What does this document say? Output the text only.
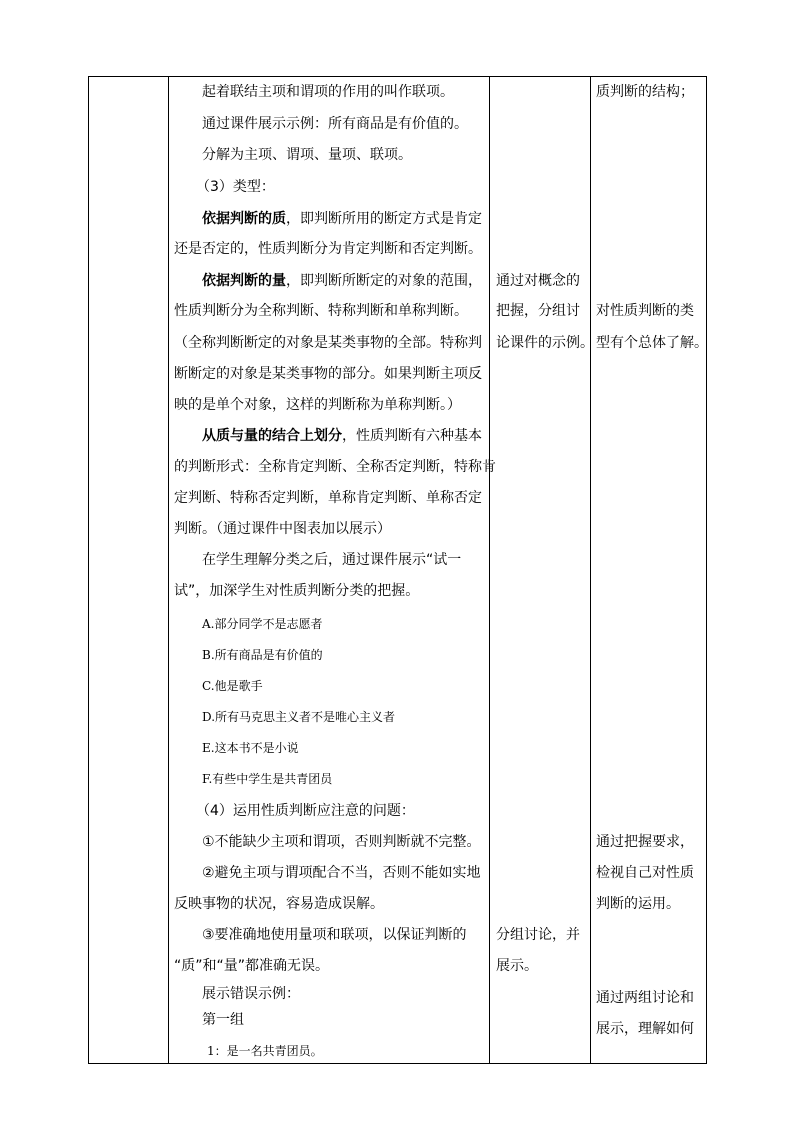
起着联结主项和谓项的作用的叫作联项。
通过课件展示示例：所有商品是有价值的。
分解为主项、谓项、量项、联项。
（3）类型：
依据判断的质，即判断所用的断定方式是肯定
还是否定的，性质判断分为肯定判断和否定判断。
依据判断的量，即判断所断定的对象的范围，
性质判断分为全称判断、特称判断和单称判断。
（全称判断断定的对象是某类事物的全部。特称判
断断定的对象是某类事物的部分。如果判断主项反
映的是单个对象，这样的判断称为单称判断。）
从质与量的结合上划分，性质判断有六种基本
的判断形式：全称肯定判断、全称否定判断，特称肯
定判断、特称否定判断，单称肯定判断、单称否定
判断。（通过课件中图表加以展示）
在学生理解分类之后，通过课件展示“试一
试”，加深学生对性质判断分类的把握。
A.部分同学不是志愿者
B.所有商品是有价值的
C.他是歌手
D.所有马克思主义者不是唯心主义者
E.这本书不是小说
F.有些中学生是共青团员
（4）运用性质判断应注意的问题：
①不能缺少主项和谓项，否则判断就不完整。
②避免主项与谓项配合不当，否则不能如实地
反映事物的状况，容易造成误解。
③要准确地使用量项和联项，以保证判断的
“质”和“量”都准确无误。
展示错误示例：
第一组
1：是一名共青团员。
通过对概念的
把握，分组讨
论课件的示例。
分组讨论，并
展示。
质判断的结构；
对性质判断的类
型有个总体了解。
通过把握要求，
检视自己对性质
判断的运用。
通过两组讨论和
展示，理解如何
